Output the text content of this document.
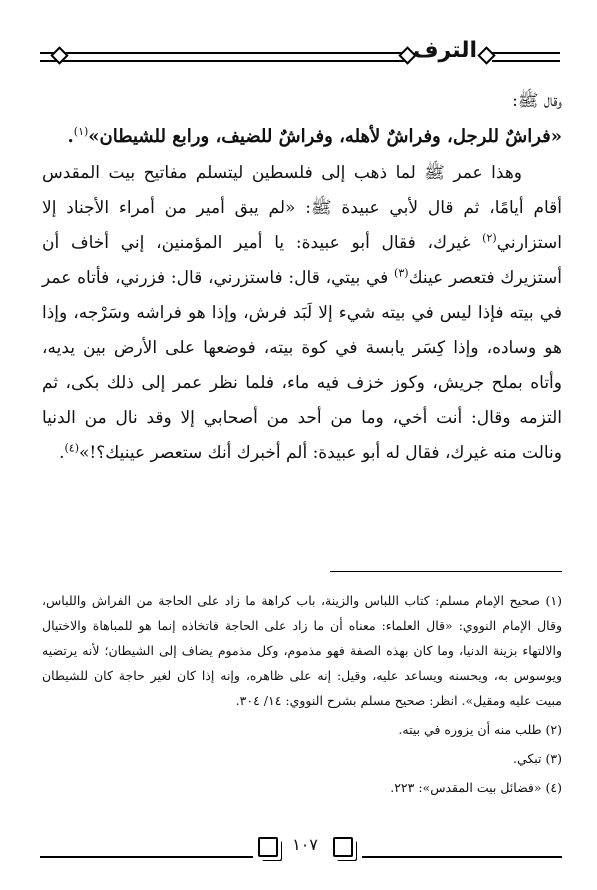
الترف

وقال ﷺ:

«فراشٌ للرجل، وفراشٌ لأهله، وفراشٌ للضيف، ورابع للشيطان»$^{(١)}$.

وهذا عمر ﷺ لما ذهب إلى فلسطين ليتسلم مفاتيح بيت المقدس أقام أيامًا، ثم قال لأبي عبيدة ﷺ: «لم يبق أمير من أمراء الأجناد إلا استزارني$^{(٢)}$ غيرك، فقال أبو عبيدة: يا أمير المؤمنين، إني أخاف أن أستزيرك فتعصر عينك$^{(٣)}$ في بيتي، قال: فاستزرني، قال: فزرني، فأتاه عمر في بيته فإذا ليس في بيته شيء إلا لَبَد فرش، وإذا هو فراشه وسَرْجه، وإذا هو وساده، وإذا كِسَر يابسة في كوة بيته، فوضعها على الأرض بين يديه، وأتاه بملح جريش، وكوز خزف فيه ماء، فلما نظر عمر إلى ذلك بكى، ثم التزمه وقال: أنت أخي، وما من أحد من أصحابي إلا وقد نال من الدنيا ونالت منه غيرك، فقال له أبو عبيدة: ألم أخبرك أنك ستعصر عينيك؟!»$^{(٤)}$.

(١) صحيح الإمام مسلم: كتاب اللباس والزينة، باب كراهة ما زاد على الحاجة من الفراش واللباس، وقال الإمام النووي: «قال العلماء: معناه أن ما زاد على الحاجة فاتخاذه إنما هو للمباهاة والاختيال والالتهاء بزينة الدنيا، وما كان بهذه الصفة فهو مذموم، وكل مذموم يضاف إلى الشيطان؛ لأنه يرتضيه ويوسوس به، ويحسنه ويساعد عليه، وقيل: إنه على ظاهره، وإنه إذا كان لغير حاجة كان للشيطان مبيت عليه ومقيل». انظر: صحيح مسلم بشرح النووي: ١٤/ ٣٠٤.

(٢) طلب منه أن يزوره في بيته.

(٣) تبكي.

(٤) «فضائل بيت المقدس»: ٢٢٣.

١٠٧
